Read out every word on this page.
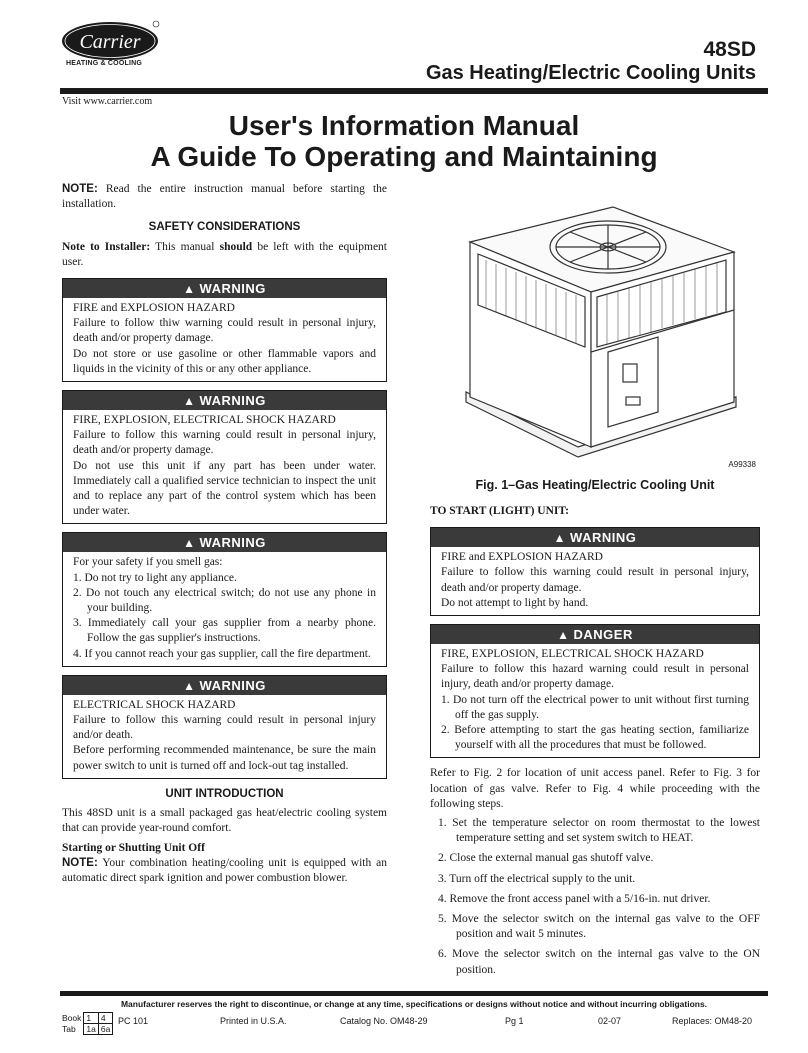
Carrier
HEATING & COOLING
48SD
Gas Heating/Electric Cooling Units
Visit www.carrier.com
User's Information Manual
A Guide To Operating and Maintaining

NOTE: Read the entire instruction manual before starting the installation.

SAFETY CONSIDERATIONS

Note to Installer: This manual should be left with the equipment user.

▲ WARNING

FIRE and EXPLOSION HAZARD

Failure to follow thiw warning could result in personal injury, death and/or property damage.

Do not store or use gasoline or other flammable vapors and liquids in the vicinity of this or any other appliance.

▲ WARNING

FIRE, EXPLOSION, ELECTRICAL SHOCK HAZARD

Failure to follow this warning could result in personal injury, death and/or property damage.

Do not use this unit if any part has been under water. Immediately call a qualified service technician to inspect the unit and to replace any part of the control system which has been under water.

▲ WARNING

For your safety if you smell gas:

1. Do not try to light any appliance.
2. Do not touch any electrical switch; do not use any phone in your building.
3. Immediately call your gas supplier from a nearby phone. Follow the gas supplier's instructions.
4. If you cannot reach your gas supplier, call the fire department.
▲ WARNING

ELECTRICAL SHOCK HAZARD

Failure to follow this warning could result in personal injury and/or death.

Before performing recommended maintenance, be sure the main power switch to unit is turned off and lock-out tag installed.

UNIT INTRODUCTION

This 48SD unit is a small packaged gas heat/electric cooling system that can provide year-round comfort.

Starting or Shutting Unit Off

NOTE: Your combination heating/cooling unit is equipped with an automatic direct spark ignition and power combustion blower.

A99338
Fig. 1–Gas Heating/Electric Cooling Unit

TO START (LIGHT) UNIT:

▲ WARNING

FIRE and EXPLOSION HAZARD

Failure to follow this warning could result in personal injury, death and/or property damage.

Do not attempt to light by hand.

▲ DANGER

FIRE, EXPLOSION, ELECTRICAL SHOCK HAZARD

Failure to follow this hazard warning could result in personal injury, death and/or property damage.

1. Do not turn off the electrical power to unit without first turning off the gas supply.
2. Before attempting to start the gas heating section, familiarize yourself with all the procedures that must be followed.

Refer to Fig. 2 for location of unit access panel. Refer to Fig. 3 for location of gas valve. Refer to Fig. 4 while proceeding with the following steps.

1. Set the temperature selector on room thermostat to the lowest temperature setting and set system switch to HEAT.
2. Close the external manual gas shutoff valve.
3. Turn off the electrical supply to the unit.
4. Remove the front access panel with a 5/16-in. nut driver.
5. Move the selector switch on the internal gas valve to the OFF position and wait 5 minutes.
6. Move the selector switch on the internal gas valve to the ON position.
Manufacturer reserves the right to discontinue, or change at any time, specifications or designs without notice and without incurring obligations.
Book	1	4
Tab	1a	6a
PC 101	Printed in U.S.A.	Catalog No. OM48-29	Pg 1	02-07	Replaces: OM48-20
